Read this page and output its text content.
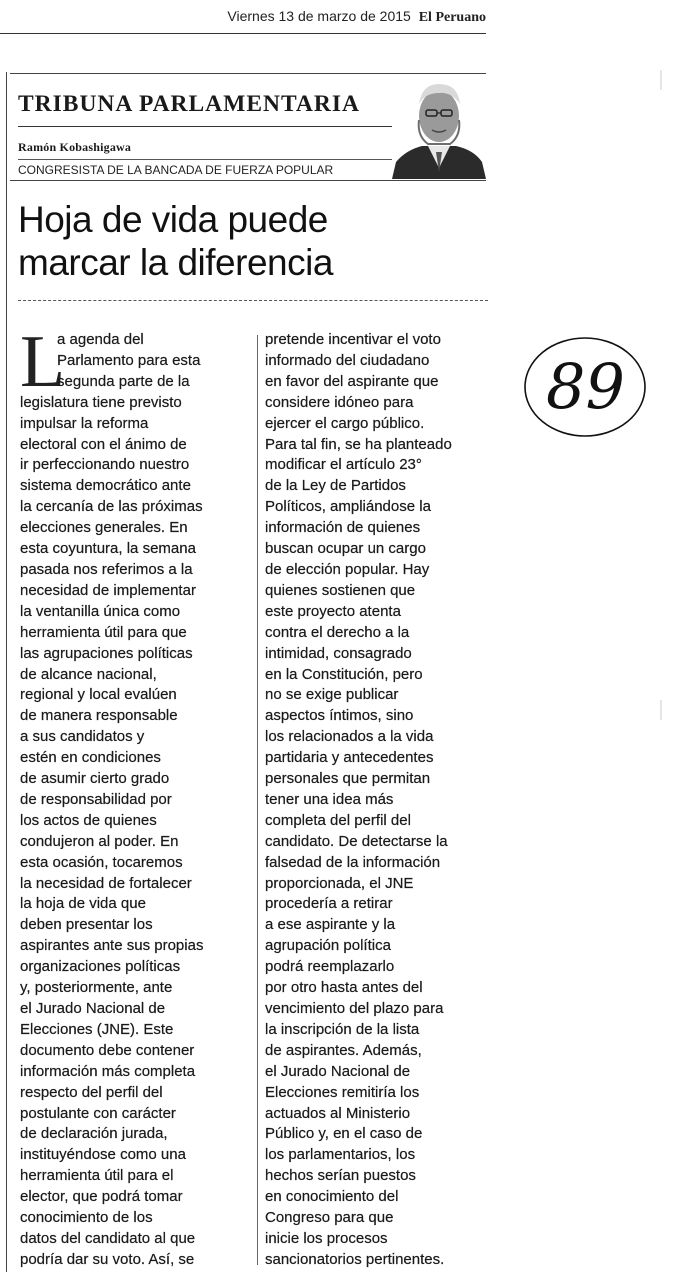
Viernes 13 de marzo de 2015 El Peruano
TRIBUNA PARLAMENTARIA
Ramón Kobashigawa
CONGRESISTA DE LA BANCADA DE FUERZA POPULAR
Hoja de vida puede
marcar la diferencia
L
a agenda del
Parlamento para esta
segunda parte de la
legislatura tiene previsto
impulsar la reforma
electoral con el ánimo de
ir perfeccionando nuestro
sistema democrático ante
la cercanía de las próximas
elecciones generales. En
esta coyuntura, la semana
pasada nos referimos a la
necesidad de implementar
la ventanilla única como
herramienta útil para que
las agrupaciones políticas
de alcance nacional,
regional y local evalúen
de manera responsable
a sus candidatos y
estén en condiciones
de asumir cierto grado
de responsabilidad por
los actos de quienes
condujeron al poder. En
esta ocasión, tocaremos
la necesidad de fortalecer
la hoja de vida que
deben presentar los
aspirantes ante sus propias
organizaciones políticas
y, posteriormente, ante
el Jurado Nacional de
Elecciones (JNE). Este
documento debe contener
información más completa
respecto del perfil del
postulante con carácter
de declaración jurada,
instituyéndose como una
herramienta útil para el
elector, que podrá tomar
conocimiento de los
datos del candidato al que
podría dar su voto. Así, se
pretende incentivar el voto
informado del ciudadano
en favor del aspirante que
considere idóneo para
ejercer el cargo público.
Para tal fin, se ha planteado
modificar el artículo 23°
de la Ley de Partidos
Políticos, ampliándose la
información de quienes
buscan ocupar un cargo
de elección popular. Hay
quienes sostienen que
este proyecto atenta
contra el derecho a la
intimidad, consagrado
en la Constitución, pero
no se exige publicar
aspectos íntimos, sino
los relacionados a la vida
partidaria y antecedentes
personales que permitan
tener una idea más
completa del perfil del
candidato. De detectarse la
falsedad de la información
proporcionada, el JNE
procedería a retirar
a ese aspirante y la
agrupación política
podrá reemplazarlo
por otro hasta antes del
vencimiento del plazo para
la inscripción de la lista
de aspirantes. Además,
el Jurado Nacional de
Elecciones remitiría los
actuados al Ministerio
Público y, en el caso de
los parlamentarios, los
hechos serían puestos
en conocimiento del
Congreso para que
inicie los procesos
sancionatorios pertinentes.
89
